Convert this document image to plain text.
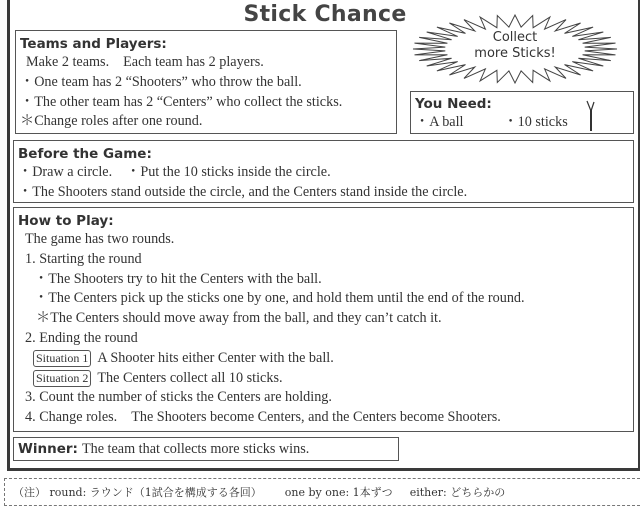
Stick Chance
Collect
more Sticks!
Teams and Players:
Make 2 teams. Each team has 2 players.
・One team has 2 “Shooters” who throw the ball.
・The other team has 2 “Centers” who collect the sticks.
＊Change roles after one round.
You Need:
・A ball	・10 sticks
Before the Game:
・Draw a circle. ・Put the 10 sticks inside the circle.
・The Shooters stand outside the circle, and the Centers stand inside the circle.
How to Play:
The game has two rounds.
1. Starting the round
・The Shooters try to hit the Centers with the ball.
・The Centers pick up the sticks one by one, and hold them until the end of the round.
＊The Centers should move away from the ball, and they can’t catch it.
2. Ending the round
Situation 1 A Shooter hits either Center with the ball.
Situation 2 The Centers collect all 10 sticks.
3. Count the number of sticks the Centers are holding.
4. Change roles. The Shooters become Centers, and the Centers become Shooters.
Winner: The team that collects more sticks wins.
（注） round: ラウンド（1試合を構成する各回） one by one: 1本ずつ either: どちらかの
